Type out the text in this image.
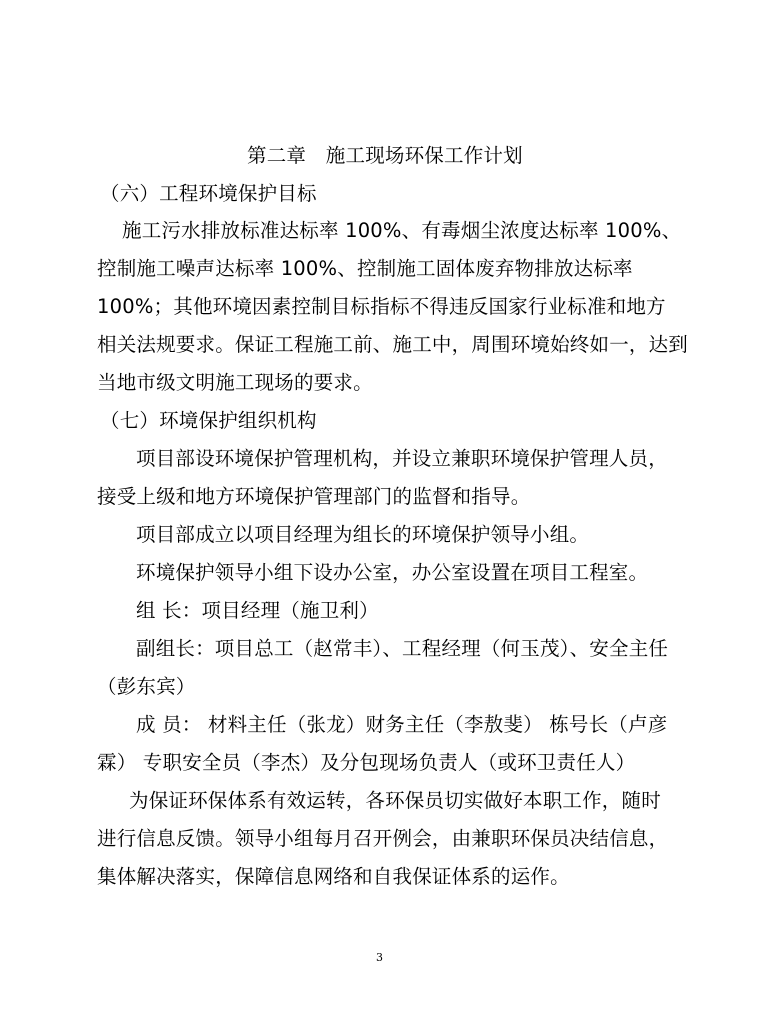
第二章　施工现场环保工作计划
（六）工程环境保护目标
施工污水排放标准达标率 100%、有毒烟尘浓度达标率 100%、
控制施工噪声达标率 100%、控制施工固体废弃物排放达标率
100%；其他环境因素控制目标指标不得违反国家行业标准和地方
相关法规要求。保证工程施工前、施工中，周围环境始终如一，达到
当地市级文明施工现场的要求。
（七）环境保护组织机构
项目部设环境保护管理机构，并设立兼职环境保护管理人员，
接受上级和地方环境保护管理部门的监督和指导。
项目部成立以项目经理为组长的环境保护领导小组。
环境保护领导小组下设办公室，办公室设置在项目工程室。
组 长：项目经理（施卫利）
副组长：项目总工（赵常丰）、工程经理（何玉茂）、安全主任
（彭东宾）
成 员： 材料主任（张龙）财务主任（李敖斐） 栋号长（卢彦
霖） 专职安全员（李杰）及分包现场负责人（或环卫责任人）
为保证环保体系有效运转，各环保员切实做好本职工作，随时
进行信息反馈。领导小组每月召开例会，由兼职环保员决结信息，
集体解决落实，保障信息网络和自我保证体系的运作。
3
